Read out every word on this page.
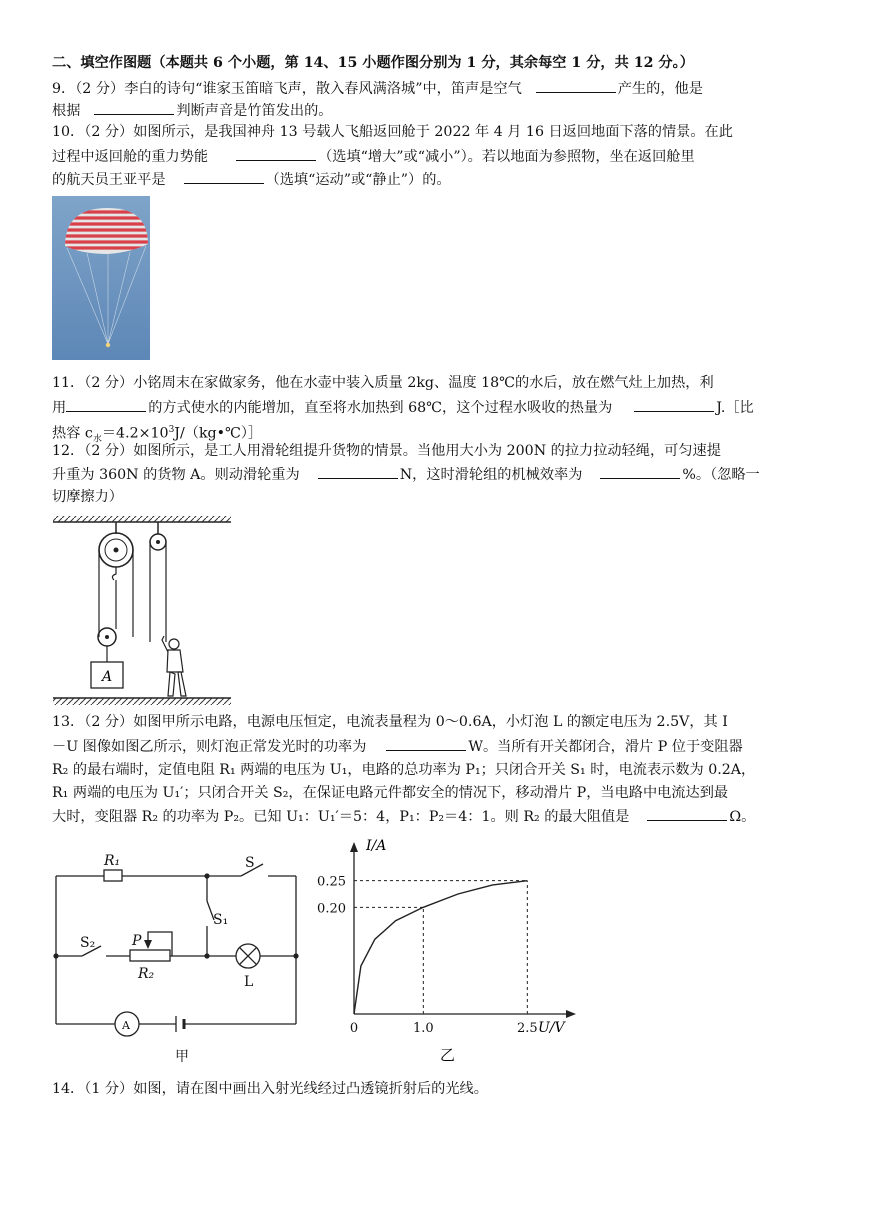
二、填空作图题（本题共 6 个小题，第 14、15 小题作图分别为 1 分，其余每空 1 分，共 12 分。）
9．（2 分）李白的诗句“谁家玉笛暗飞声，散入春风满洛城”中，笛声是空气	产生的，他是
根据	判断声音是竹笛发出的。
10．（2 分）如图所示，是我国神舟 13 号载人飞船返回舱于 2022 年 4 月 16 日返回地面下落的情景。在此
过程中返回舱的重力势能	（选填“增大”或“减小”）。若以地面为参照物，坐在返回舱里
的航天员王亚平是	（选填“运动”或“静止”）的。
11．（2 分）小铭周末在家做家务，他在水壶中装入质量 2kg、温度 18℃的水后，放在燃气灶上加热，利
用	的方式使水的内能增加，直至将水加热到 68℃，这个过程水吸收的热量为	J.［比
热容 $c_水=4.2\times 10^3J/(kg•℃)]$
12．（2 分）如图所示，是工人用滑轮组提升货物的情景。当他用大小为 200N 的拉力拉动轻绳，可匀速提
升重为 360N 的货物 A。则动滑轮重为	N，这时滑轮组的机械效率为	%。（忽略一
切摩擦力）
A
13．（2 分）如图甲所示电路，电源电压恒定，电流表量程为 0～0.6A，小灯泡 L 的额定电压为 2.5V，其 I
－U 图像如图乙所示，则灯泡正常发光时的功率为	W。当所有开关都闭合，滑片 P 位于变阻器
R₂ 的最右端时，定值电阻 R₁ 两端的电压为 U₁，电路的总功率为 P₁；只闭合开关 S₁ 时，电流表示数为 0.2A，
R₁ 两端的电压为 U₁′；只闭合开关 S₂，在保证电路元件都安全的情况下，移动滑片 P，当电路中电流达到最
大时，变阻器 R₂ 的功率为 P₂。已知 U₁：U₁′＝5：4，P₁：P₂＝4：1。则 R₂ 的最大阻值是	Ω。
R₁	S
S₁
S₂	P
R₂	L
A
甲
0.20
0.25
0	1.0	2.5
I/A
U/V
乙
14．（1 分）如图，请在图中画出入射光线经过凸透镜折射后的光线。
